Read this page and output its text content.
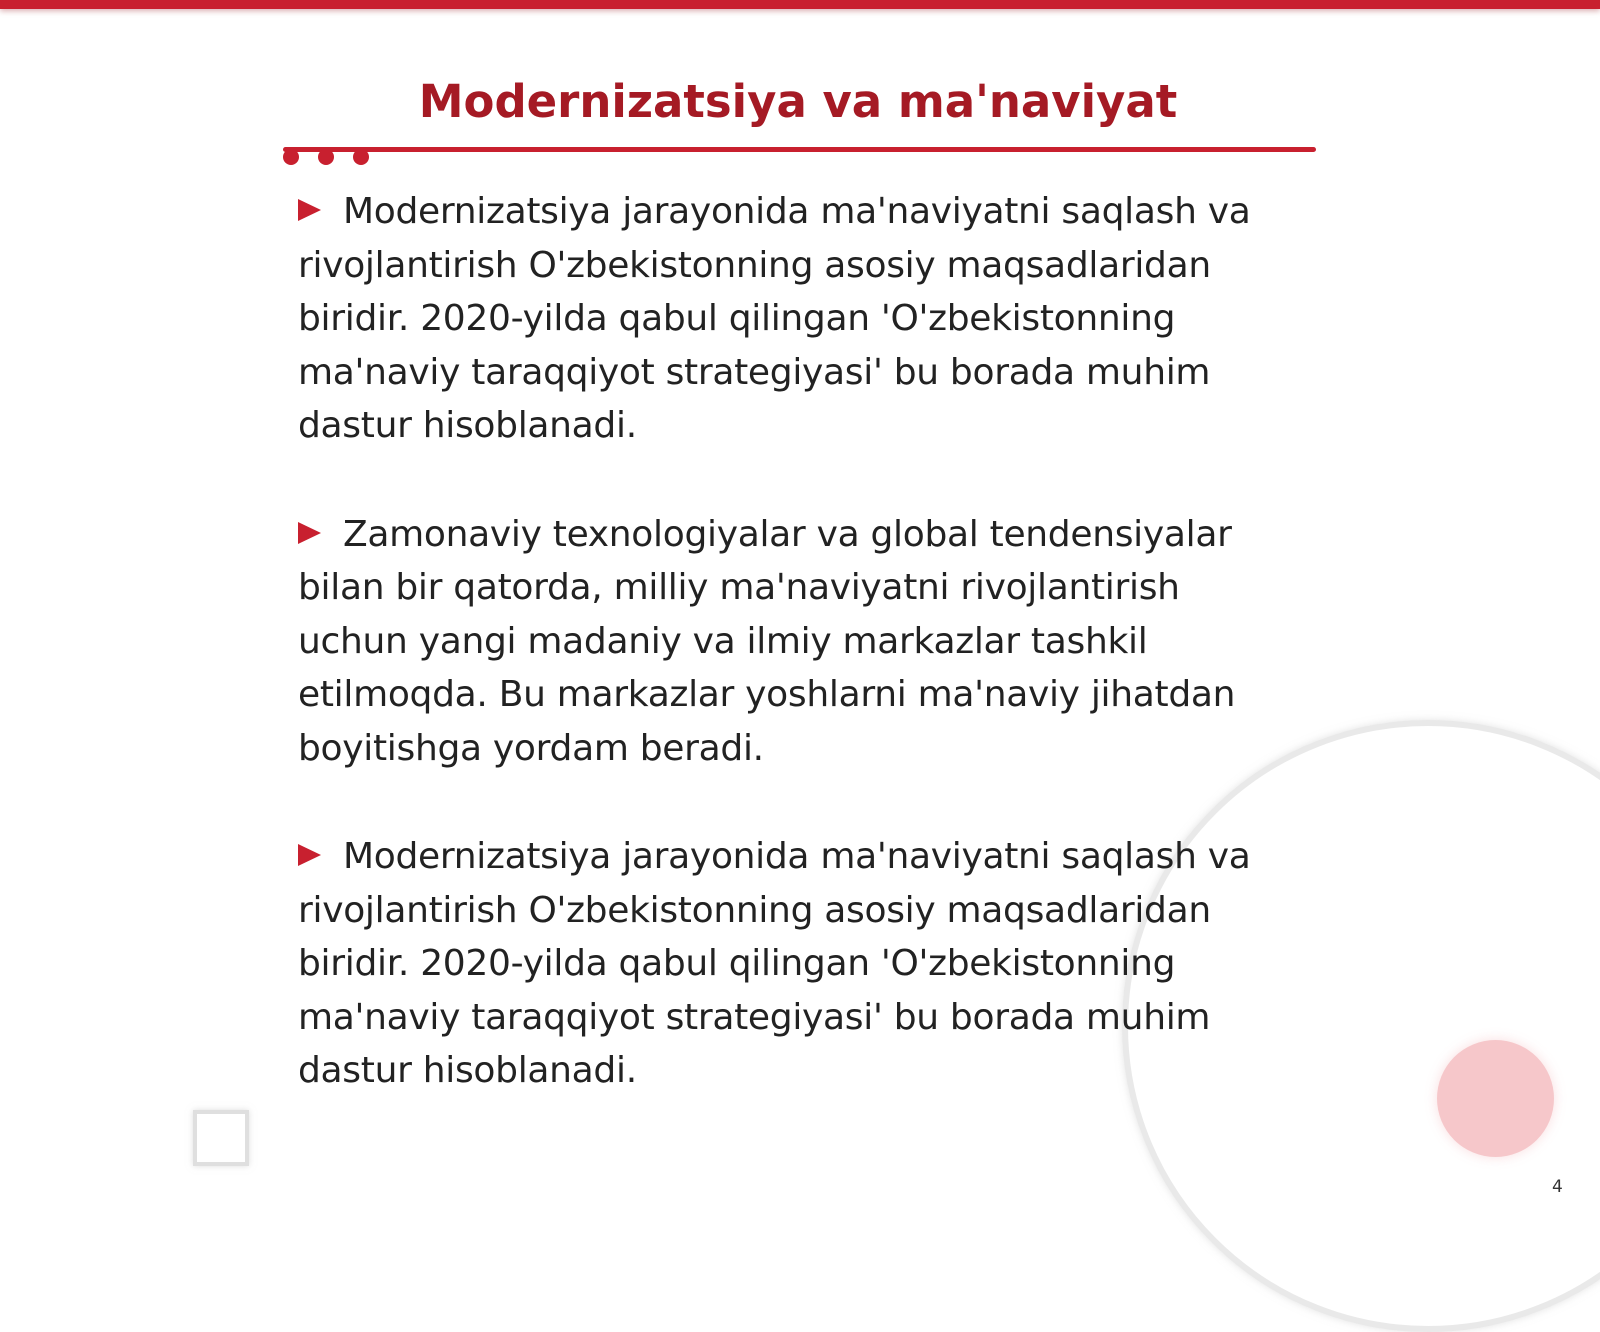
Modernizatsiya va ma'naviyat

Modernizatsiya jarayonida ma'naviyatni saqlash va rivojlantirish O'zbekistonning asosiy maqsadlaridan biridir. 2020-yilda qabul qilingan 'O'zbekistonning ma'naviy taraqqiyot strategiyasi' bu borada muhim dastur hisoblanadi.

Zamonaviy texnologiyalar va global tendensiyalar bilan bir qatorda, milliy ma'naviyatni rivojlantirish uchun yangi madaniy va ilmiy markazlar tashkil etilmoqda. Bu markazlar yoshlarni ma'naviy jihatdan boyitishga yordam beradi.

Modernizatsiya jarayonida ma'naviyatni saqlash va rivojlantirish O'zbekistonning asosiy maqsadlaridan biridir. 2020-yilda qabul qilingan 'O'zbekistonning ma'naviy taraqqiyot strategiyasi' bu borada muhim dastur hisoblanadi.

4
